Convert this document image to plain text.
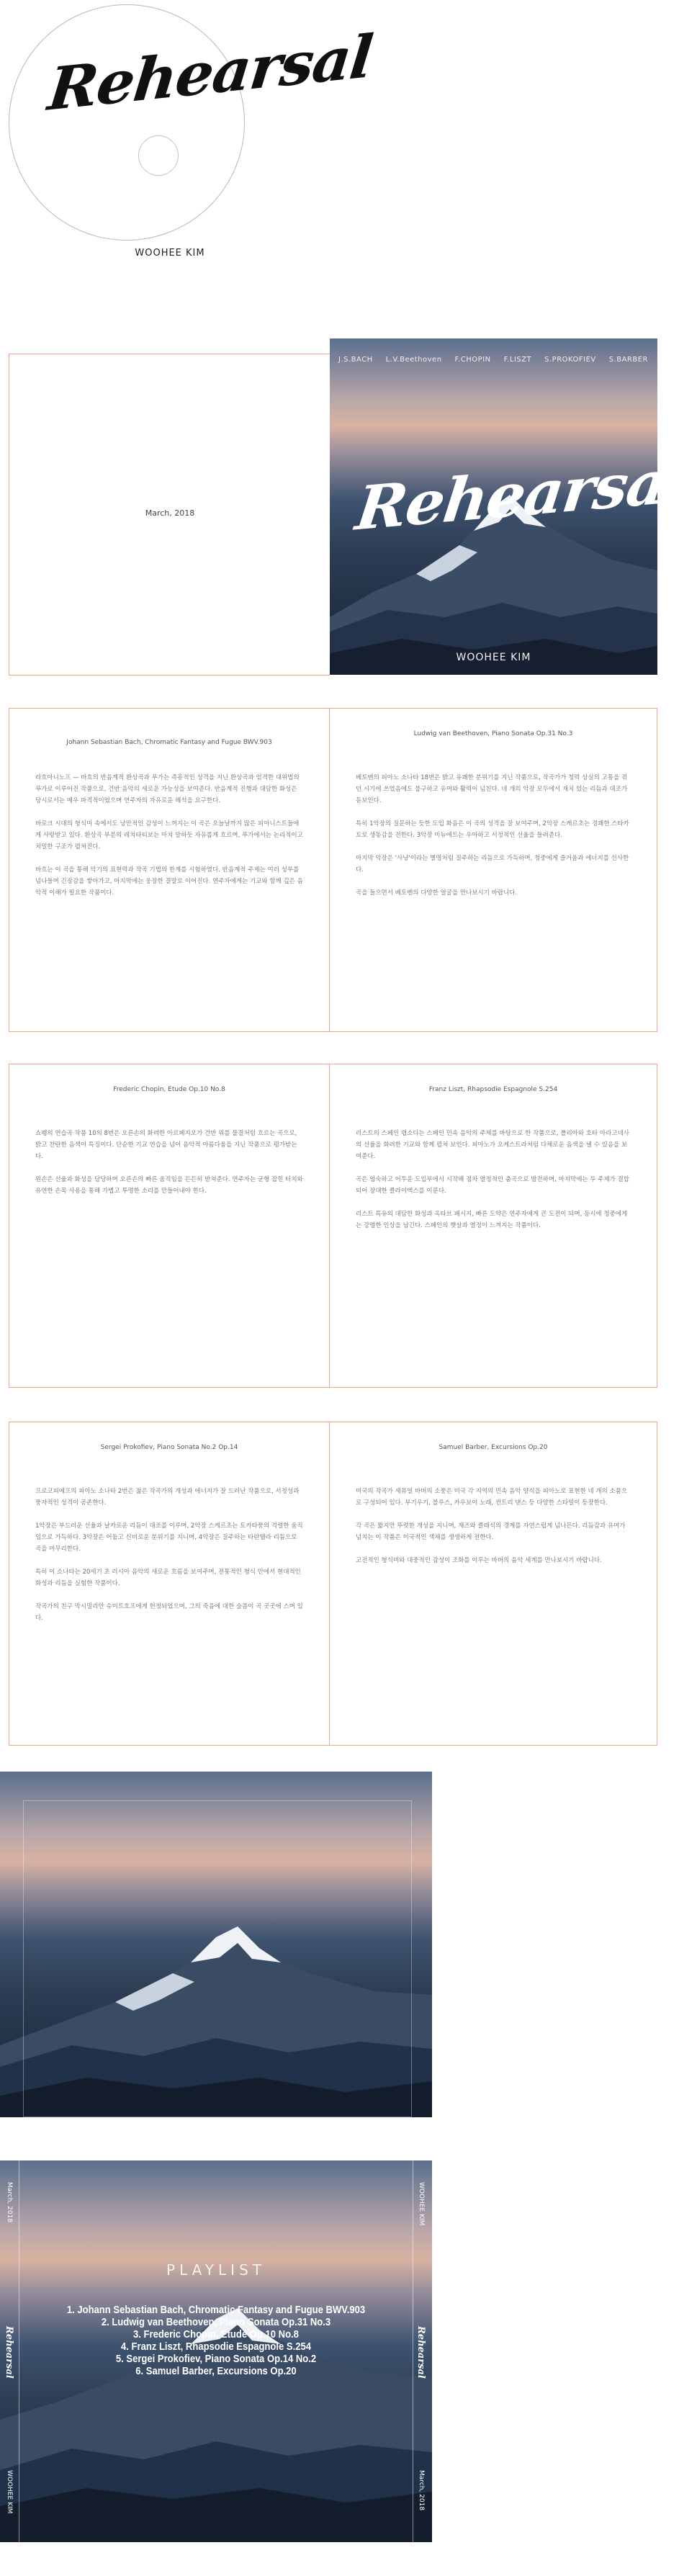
Rehearsal
WOOHEE KIM
March, 2018
J.S.BACH L.V.Beethoven F.CHOPIN F.LISZT S.PROKOFIEV S.BARBER
Rehearsal
WOOHEE KIM
Johann Sebastian Bach, Chromatic Fantasy and Fugue BWV.903

라흐마니노프 — 바흐의 반음계적 환상곡과 푸가는 즉흥적인 성격을 지닌 환상곡과 엄격한 대위법의 푸가로 이루어진 작품으로, 건반 음악의 새로운 가능성을 보여준다. 반음계적 진행과 대담한 화성은 당시로서는 매우 파격적이었으며 연주자의 자유로운 해석을 요구한다.

바로크 시대의 형식미 속에서도 낭만적인 감성이 느껴지는 이 곡은 오늘날까지 많은 피아니스트들에게 사랑받고 있다. 환상곡 부분의 레치타티보는 마치 말하듯 자유롭게 흐르며, 푸가에서는 논리적이고 치밀한 구조가 펼쳐진다.

바흐는 이 곡을 통해 악기의 표현력과 작곡 기법의 한계를 시험하였다. 반음계적 주제는 여러 성부를 넘나들며 긴장감을 쌓아가고, 마지막에는 웅장한 결말로 이어진다. 연주자에게는 기교와 함께 깊은 음악적 이해가 필요한 작품이다.

Ludwig van Beethoven, Piano Sonata Op.31 No.3

베토벤의 피아노 소나타 18번은 밝고 유쾌한 분위기를 지닌 작품으로, 작곡가가 청력 상실의 고통을 겪던 시기에 쓰였음에도 불구하고 유머와 활력이 넘친다. 네 개의 악장 모두에서 재치 있는 리듬과 대조가 돋보인다.

특히 1악장의 질문하는 듯한 도입 화음은 이 곡의 성격을 잘 보여주며, 2악장 스케르초는 경쾌한 스타카토로 생동감을 전한다. 3악장 미뉴에트는 우아하고 서정적인 선율을 들려준다.

마지막 악장은 '사냥'이라는 별명처럼 질주하는 리듬으로 가득하며, 청중에게 즐거움과 에너지를 선사한다.

곡을 들으면서 베토벤의 다양한 얼굴을 만나보시기 바랍니다.

Frederic Chopin, Etude Op.10 No.8

쇼팽의 연습곡 작품 10의 8번은 오른손의 화려한 아르페지오가 건반 위를 물결처럼 흐르는 곡으로, 밝고 찬란한 음색이 특징이다. 단순한 기교 연습을 넘어 음악적 아름다움을 지닌 작품으로 평가받는다.

왼손은 선율과 화성을 담당하며 오른손의 빠른 움직임을 든든히 받쳐준다. 연주자는 균형 잡힌 터치와 유연한 손목 사용을 통해 가볍고 투명한 소리를 만들어내야 한다.

Franz Liszt, Rhapsodie Espagnole S.254

리스트의 스페인 랩소디는 스페인 민속 음악의 주제를 바탕으로 한 작품으로, 폴리아와 호타 아라고네사의 선율을 화려한 기교와 함께 펼쳐 보인다. 피아노가 오케스트라처럼 다채로운 음색을 낼 수 있음을 보여준다.

곡은 엄숙하고 어두운 도입부에서 시작해 점차 열정적인 춤곡으로 발전하며, 마지막에는 두 주제가 결합되어 장대한 클라이맥스를 이룬다.

리스트 특유의 대담한 화성과 옥타브 패시지, 빠른 도약은 연주자에게 큰 도전이 되며, 동시에 청중에게는 강렬한 인상을 남긴다. 스페인의 햇살과 열정이 느껴지는 작품이다.

Sergei Prokofiev, Piano Sonata No.2 Op.14

프로코피예프의 피아노 소나타 2번은 젊은 작곡가의 개성과 에너지가 잘 드러난 작품으로, 서정성과 풍자적인 성격이 공존한다.

1악장은 부드러운 선율과 날카로운 리듬이 대조를 이루며, 2악장 스케르초는 토카타풍의 격렬한 움직임으로 가득하다. 3악장은 어둡고 신비로운 분위기를 지니며, 4악장은 질주하는 타란텔라 리듬으로 곡을 마무리한다.

특히 이 소나타는 20세기 초 러시아 음악의 새로운 흐름을 보여주며, 전통적인 형식 안에서 현대적인 화성과 리듬을 실험한 작품이다.

작곡가의 친구 막시밀리안 슈미트호프에게 헌정되었으며, 그의 죽음에 대한 슬픔이 곡 곳곳에 스며 있다.

Samuel Barber, Excursions Op.20

미국의 작곡가 새뮤얼 바버의 소풍은 미국 각 지역의 민속 음악 양식을 피아노로 표현한 네 개의 소품으로 구성되어 있다. 부기우기, 블루스, 카우보이 노래, 컨트리 댄스 등 다양한 스타일이 등장한다.

각 곡은 짧지만 뚜렷한 개성을 지니며, 재즈와 클래식의 경계를 자연스럽게 넘나든다. 리듬감과 유머가 넘치는 이 작품은 미국적인 색채를 생생하게 전한다.

고전적인 형식미와 대중적인 감성이 조화를 이루는 바버의 음악 세계를 만나보시기 바랍니다.

March, 2018
Rehearsal
WOOHEE KIM
WOOHEE KIM
Rehearsal
March, 2018
PLAYLIST
1. Johann Sebastian Bach, Chromatic Fantasy and Fugue BWV.903
2. Ludwig van Beethoven, Piano Sonata Op.31 No.3
3. Frederic Chopin, Etude Op.10 No.8
4. Franz Liszt, Rhapsodie Espagnole S.254
5. Sergei Prokofiev, Piano Sonata Op.14 No.2
6. Samuel Barber, Excursions Op.20
